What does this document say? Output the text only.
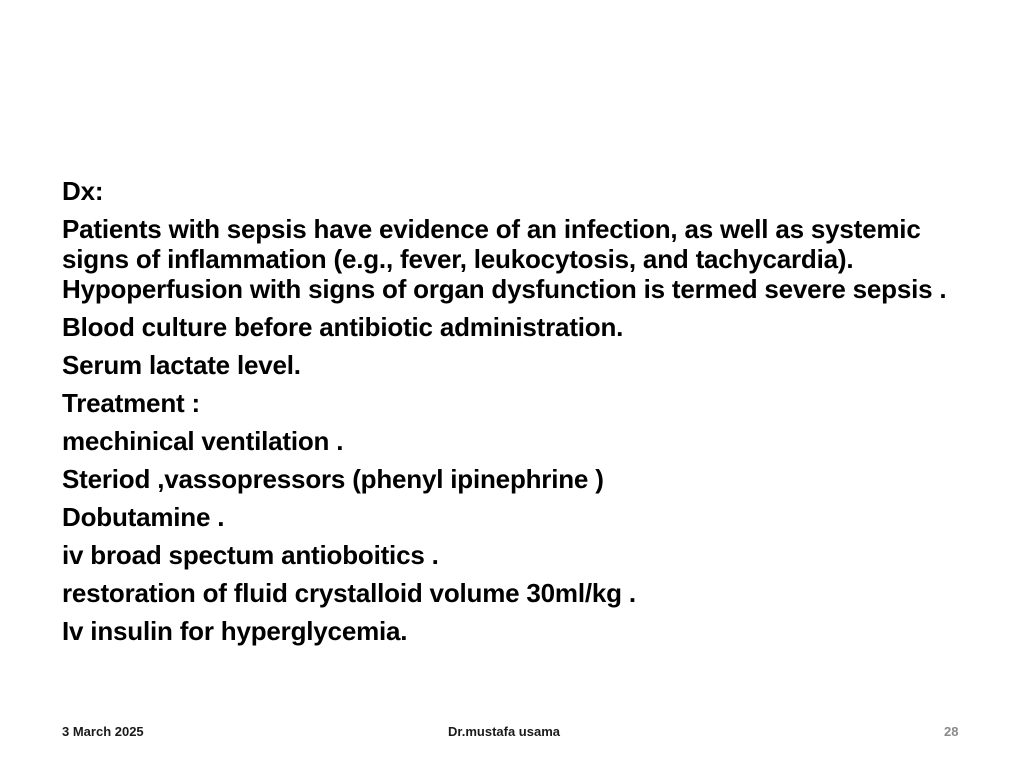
Dx:

Patients with sepsis have evidence of an infection, as well as systemic signs of inflammation (e.g., fever, leukocytosis, and tachycardia). Hypoperfusion with signs of organ dysfunction is termed severe sepsis .

Blood culture before antibiotic administration.

Serum lactate level.

Treatment :

mechinical ventilation .

Steriod ,vassopressors (phenyl ipinephrine )

Dobutamine .

iv broad spectum antioboitics .

restoration of fluid crystalloid volume 30ml/kg .

Iv insulin for hyperglycemia.

3 March 2025	Dr.mustafa usama	28
